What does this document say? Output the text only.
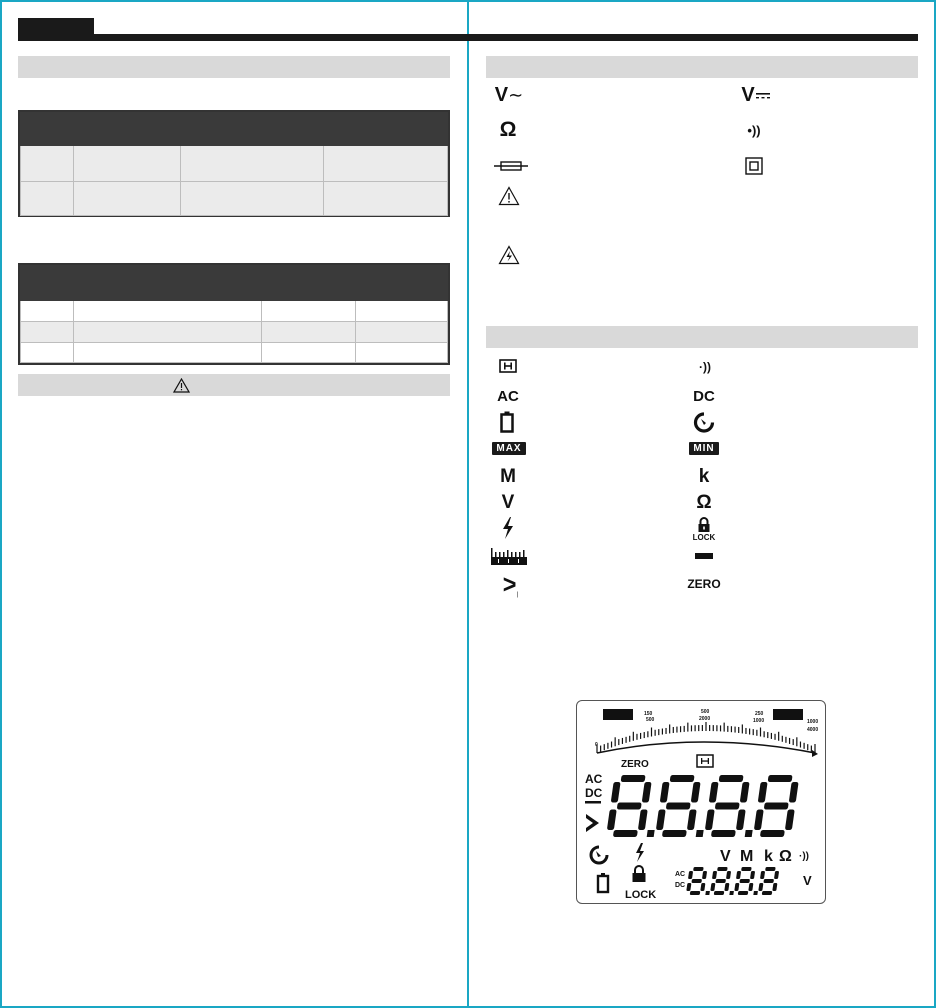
V ∼	V
Ω	•))
·))
AC	DC
MAX	MIN
M	k
V	Ω
LOCK
> |
ZERO
150
500
500
2000
250
1000	1000
4000
0
ZERO
AC
DC
V M k Ω ·))
LOCK
AC
DC	V
